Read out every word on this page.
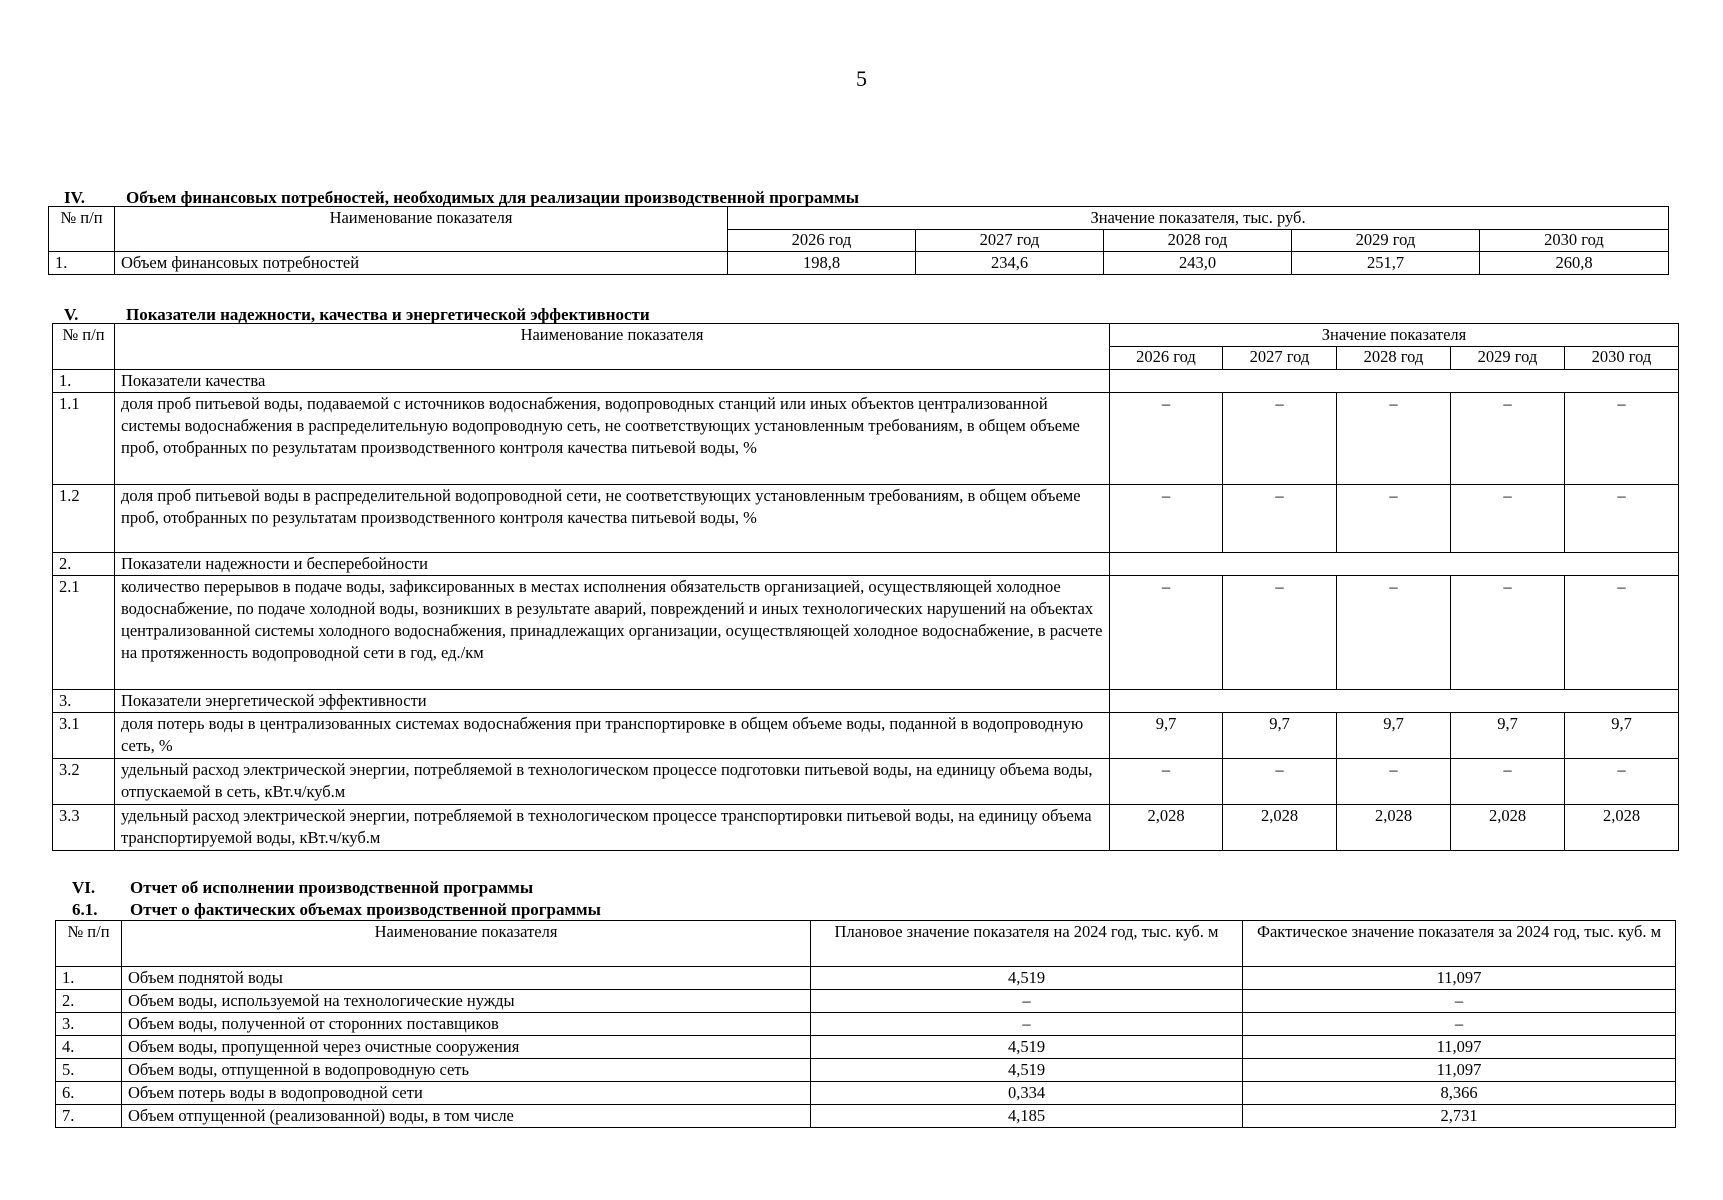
5
IV. Объем финансовых потребностей, необходимых для реализации производственной программы
№ п/п	Наименование показателя	Значение показателя, тыс. руб.				
		2026 год	2027 год	2028 год	2029 год	2030 год
1.	Объем финансовых потребностей	198,8	234,6	243,0	251,7	260,8
V.	Показатели надежности, качества и энергетической эффективности
№ п/п	Наименование показателя	Значение показателя				
		2026 год	2027 год	2028 год	2029 год	2030 год
1.	Показатели качества					
1.1	доля проб питьевой воды, подаваемой с источников водоснабжения, водопроводных станций или иных объектов централизованной системы водоснабжения в распределительную водопроводную сеть, не соответствующих установленным требованиям, в общем объеме проб, отобранных по результатам производственного контроля качества питьевой воды, %	–	–	–	–	–
1.2	доля проб питьевой воды в распределительной водопроводной сети, не соответствующих установленным требованиям, в общем объеме проб, отобранных по результатам производственного контроля качества питьевой воды, %	–	–	–	–	–
2.	Показатели надежности и бесперебойности					
2.1	количество перерывов в подаче воды, зафиксированных в местах исполнения обязательств организацией, осуществляющей холодное водоснабжение, по подаче холодной воды, возникших в результате аварий, повреждений и иных технологических нарушений на объектах централизованной системы холодного водоснабжения, принадлежащих организации, осуществляющей холодное водоснабжение, в расчете на протяженность водопроводной сети в год, ед./км	–	–	–	–	–
3.	Показатели энергетической эффективности					
3.1	доля потерь воды в централизованных системах водоснабжения при транспортировке в общем объеме воды, поданной в водопроводную сеть, %	9,7	9,7	9,7	9,7	9,7
3.2	удельный расход электрической энергии, потребляемой в технологическом процессе подготовки питьевой воды, на единицу объема воды, отпускаемой в сеть, кВт.ч/куб.м	–	–	–	–	–
3.3	удельный расход электрической энергии, потребляемой в технологическом процессе транспортировки питьевой воды, на единицу объема транспортируемой воды, кВт.ч/куб.м	2,028	2,028	2,028	2,028	2,028
VI. Отчет об исполнении производственной программы
6.1. Отчет о фактических объемах производственной программы
№ п/п	Наименование показателя	Плановое значение показателя на 2024 год, тыс. куб. м	Фактическое значение показателя за 2024 год, тыс. куб. м
1.	Объем поднятой воды	4,519	11,097
2.	Объем воды, используемой на технологические нужды	–	–
3.	Объем воды, полученной от сторонних поставщиков	–	–
4.	Объем воды, пропущенной через очистные сооружения	4,519	11,097
5.	Объем воды, отпущенной в водопроводную сеть	4,519	11,097
6.	Объем потерь воды в водопроводной сети	0,334	8,366
7.	Объем отпущенной (реализованной) воды, в том числе	4,185	2,731
